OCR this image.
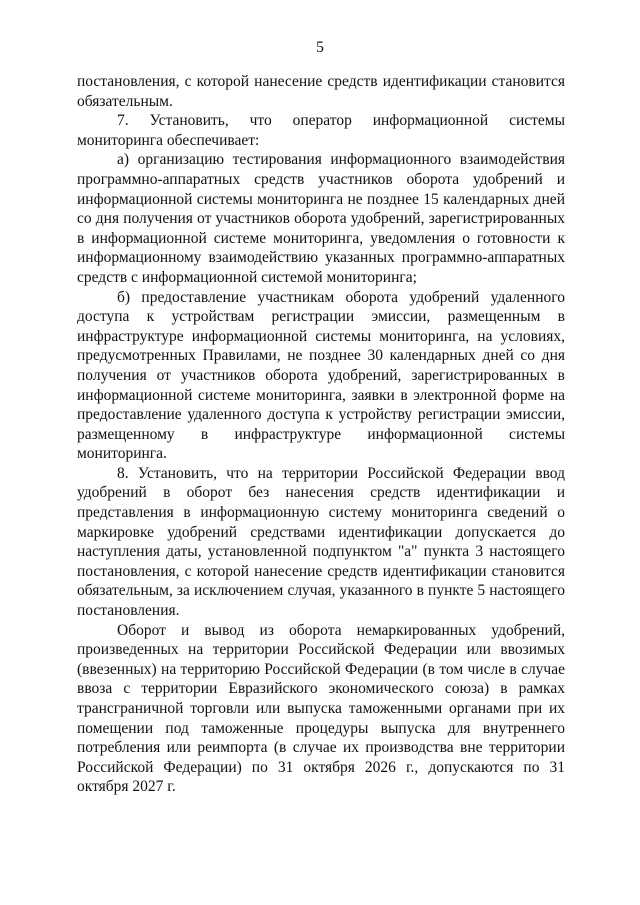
5

постановления, с которой нанесение средств идентификации становится обязательным.

7. Установить, что оператор информационной системы мониторинга обеспечивает:

а) организацию тестирования информационного взаимодействия программно-аппаратных средств участников оборота удобрений и информационной системы мониторинга не позднее 15 календарных дней со дня получения от участников оборота удобрений, зарегистрированных в информационной системе мониторинга, уведомления о готовности к информационному взаимодействию указанных программно-аппаратных средств с информационной системой мониторинга;

б) предоставление участникам оборота удобрений удаленного доступа к устройствам регистрации эмиссии, размещенным в инфраструктуре информационной системы мониторинга, на условиях, предусмотренных Правилами, не позднее 30 календарных дней со дня получения от участников оборота удобрений, зарегистрированных в информационной системе мониторинга, заявки в электронной форме на предоставление удаленного доступа к устройству регистрации эмиссии, размещенному в инфраструктуре информационной системы мониторинга.

8. Установить, что на территории Российской Федерации ввод удобрений в оборот без нанесения средств идентификации и представления в информационную систему мониторинга сведений о маркировке удобрений средствами идентификации допускается до наступления даты, установленной подпунктом "а" пункта 3 настоящего постановления, с которой нанесение средств идентификации становится обязательным, за исключением случая, указанного в пункте 5 настоящего постановления.

Оборот и вывод из оборота немаркированных удобрений, произведенных на территории Российской Федерации или ввозимых (ввезенных) на территорию Российской Федерации (в том числе в случае ввоза с территории Евразийского экономического союза) в рамках трансграничной торговли или выпуска таможенными органами при их помещении под таможенные процедуры выпуска для внутреннего потребления или реимпорта (в случае их производства вне территории Российской Федерации) по 31 октября 2026 г., допускаются по 31 октября 2027 г.
